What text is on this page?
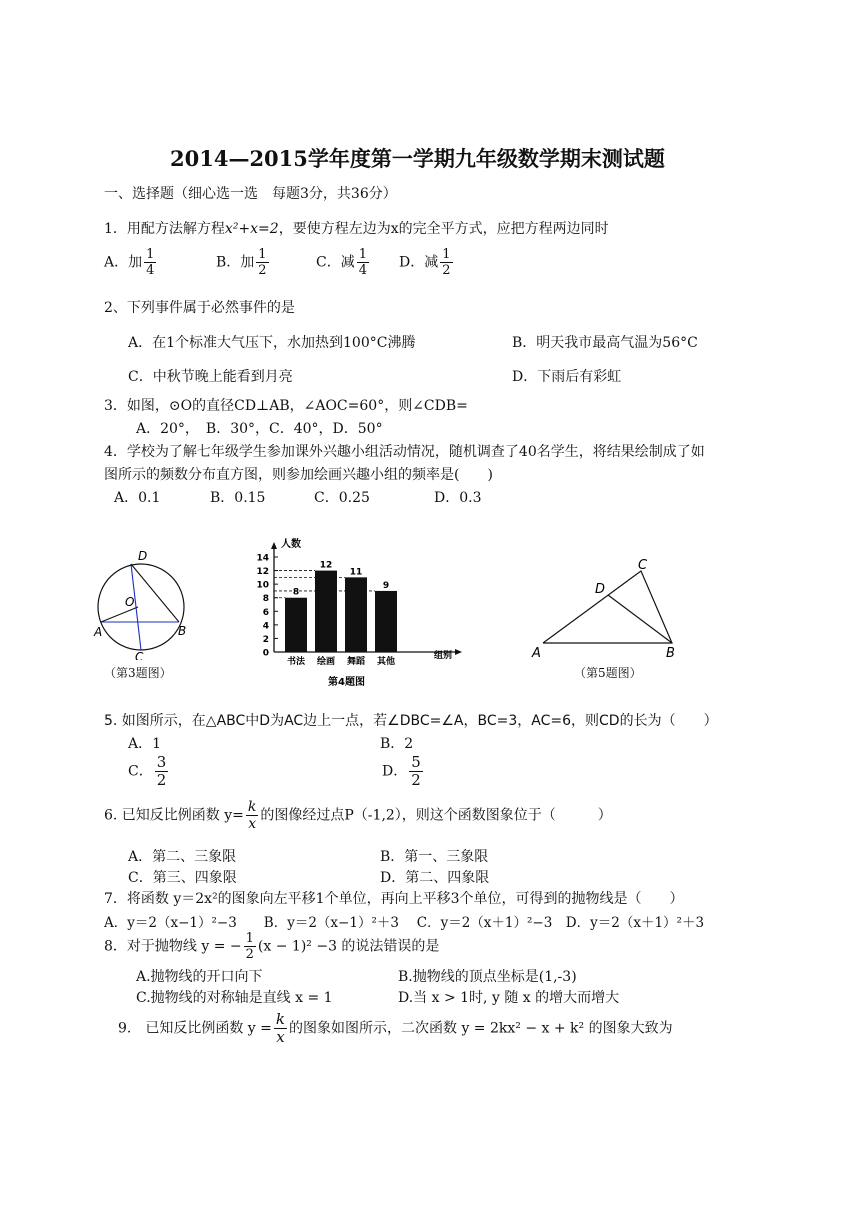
2014—2015学年度第一学期九年级数学期末测试题
一、选择题（细心选一选　每题3分，共36分）
1．用配方法解方程x²+x=2，要使方程左边为x的完全平方式，应把方程两边同时
A．加 $\frac{1}{4}$	B．加 $\frac{1}{2}$	C．减 $\frac{1}{4}$ D．减 $\frac{1}{2}$
2、下列事件属于必然事件的是
A．在1个标准大气压下，水加热到100°C沸腾	B．明天我市最高气温为56°C
C．中秋节晚上能看到月亮	D．下雨后有彩虹
3．如图，⊙O的直径CD⊥AB，∠AOC=60°，则∠CDB=
A．20°，　B．30°，C．40°，D．50°
4．学校为了解七年级学生参加课外兴趣小组活动情况，随机调查了40名学生，将结果绘制成了如
图所示的频数分布直方图，则参加绘画兴趣小组的频率是(　　)
A．0.1	B．0.15	C．0.25	D．0.3
D
O
A	B
C
（第3题图）
0
2
4
6
8
10
12
14
8
书法
12
绘画
11
舞蹈
9
其他
人数
组别
第4题图
A	B
C
D
（第5题图）
5. 如图所示，在△ABC中D为AC边上一点，若∠DBC=∠A，BC=3，AC=6，则CD的长为（　　）
A．1	B．2
C． $\frac{3}{2}$	D． $\frac{5}{2}$
6. 已知反比例函数 $y= \frac{k}{x}$ 的图像经过点P（-1,2），则这个函数图象位于（　　　）
A．第二、三象限	B．第一、三象限
C．第三、四象限	D．第二、四象限
7．将函数 y＝2x²的图象向左平移1个单位，再向上平移3个单位，可得到的抛物线是（　　）
A．y＝2（x−1）²−3　　B．y＝2（x−1）²＋3　 C．y＝2（x＋1）²−3　D．y＝2（x＋1）²＋3
8．对于抛物线 y = − $\frac{1}{2} (x - 1)^2 -3$ 的说法错误的是
A.抛物线的开口向下	B.抛物线的顶点坐标是(1,-3)
C.抛物线的对称轴是直线 x = 1	D.当 x > 1时, y 随 x 的增大而增大
9.　已知反比例函数 $y = \frac{k}{x}$ 的图象如图所示，二次函数 y = 2kx² − x + k² 的图象大致为
